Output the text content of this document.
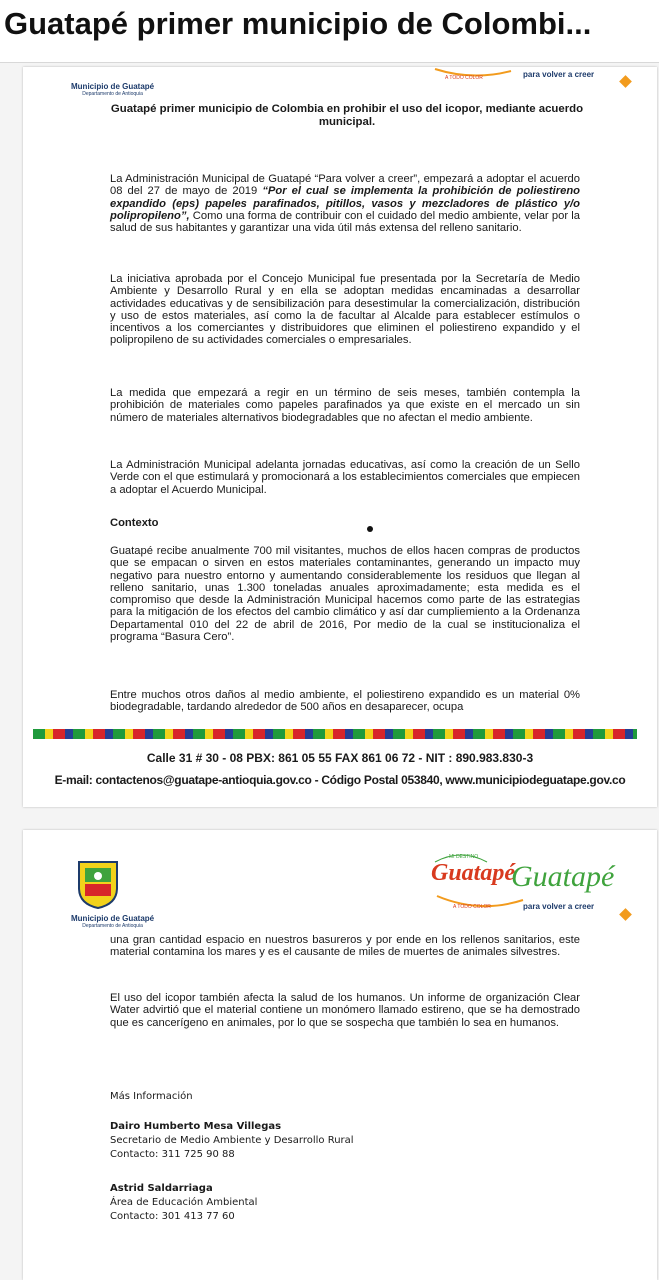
Guatapé primer municipio de Colombi...
Municipio de Guatapé
Departamento de Antioquia
A TODO COLOR	para volver a creer
Guatapé primer municipio de Colombia en prohibir el uso del icopor, mediante acuerdo municipal.
La Administración Municipal de Guatapé “Para volver a creer”, empezará a adoptar el acuerdo 08 del 27 de mayo de 2019 “Por el cual se implementa la prohibición de poliestireno expandido (eps) papeles parafinados, pitillos, vasos y mezcladores de plástico y/o polipropileno”, Como una forma de contribuir con el cuidado del medio ambiente, velar por la salud de sus habitantes y garantizar una vida útil más extensa del relleno sanitario.
La iniciativa aprobada por el Concejo Municipal fue presentada por la Secretaría de Medio Ambiente y Desarrollo Rural y en ella se adoptan medidas encaminadas a desarrollar actividades educativas y de sensibilización para desestimular la comercialización, distribución y uso de estos materiales, así como la de facultar al Alcalde para establecer estímulos o incentivos a los comerciantes y distribuidores que eliminen el poliestireno expandido y el polipropileno de su actividades comerciales o empresariales.
La medida que empezará a regir en un término de seis meses, también contempla la prohibición de materiales como papeles parafinados ya que existe en el mercado un sin número de materiales alternativos biodegradables que no afectan el medio ambiente.
La Administración Municipal adelanta jornadas educativas, así como la creación de un Sello Verde con el que estimulará y promocionará a los establecimientos comerciales que empiecen a adoptar el Acuerdo Municipal.
Contexto
Guatapé recibe anualmente 700 mil visitantes, muchos de ellos hacen compras de productos que se empacan o sirven en estos materiales contaminantes, generando un impacto muy negativo para nuestro entorno y aumentando considerablemente los residuos que llegan al relleno sanitario, unas 1.300 toneladas anuales aproximadamente; esta medida es el compromiso que desde la Administración Municipal hacemos como parte de las estrategias para la mitigación de los efectos del cambio climático y así dar cumpliemiento a la Ordenanza Departamental 010 del 22 de abril de 2016, Por medio de la cual se institucionaliza el programa “Basura Cero”.
Entre muchos otros daños al medio ambiente, el poliestireno expandido es un material 0% biodegradable, tardando alrededor de 500 años en desaparecer, ocupa
Calle 31 # 30 - 08 PBX: 861 05 55 FAX 861 06 72 - NIT : 890.983.830-3
E-mail: contactenos@guatape-antioquia.gov.co - Código Postal 053840, www.municipiodeguatape.gov.co
Municipio de Guatapé
Departamento de Antioquia
Guatapé
MI DESTINO
Guatapé
A TODO COLOR	para volver a creer
una gran cantidad espacio en nuestros basureros y por ende en los rellenos sanitarios, este material contamina los mares y es el causante de miles de muertes de animales silvestres.
El uso del icopor también afecta la salud de los humanos. Un informe de organización Clear Water advirtió que el material contiene un monómero llamado estireno, que se ha demostrado que es cancerígeno en animales, por lo que se sospecha que también lo sea en humanos.
Más Información
Dairo Humberto Mesa Villegas
Secretario de Medio Ambiente y Desarrollo Rural
Contacto: 311 725 90 88
Astrid Saldarriaga
Área de Educación Ambiental
Contacto: 301 413 77 60
